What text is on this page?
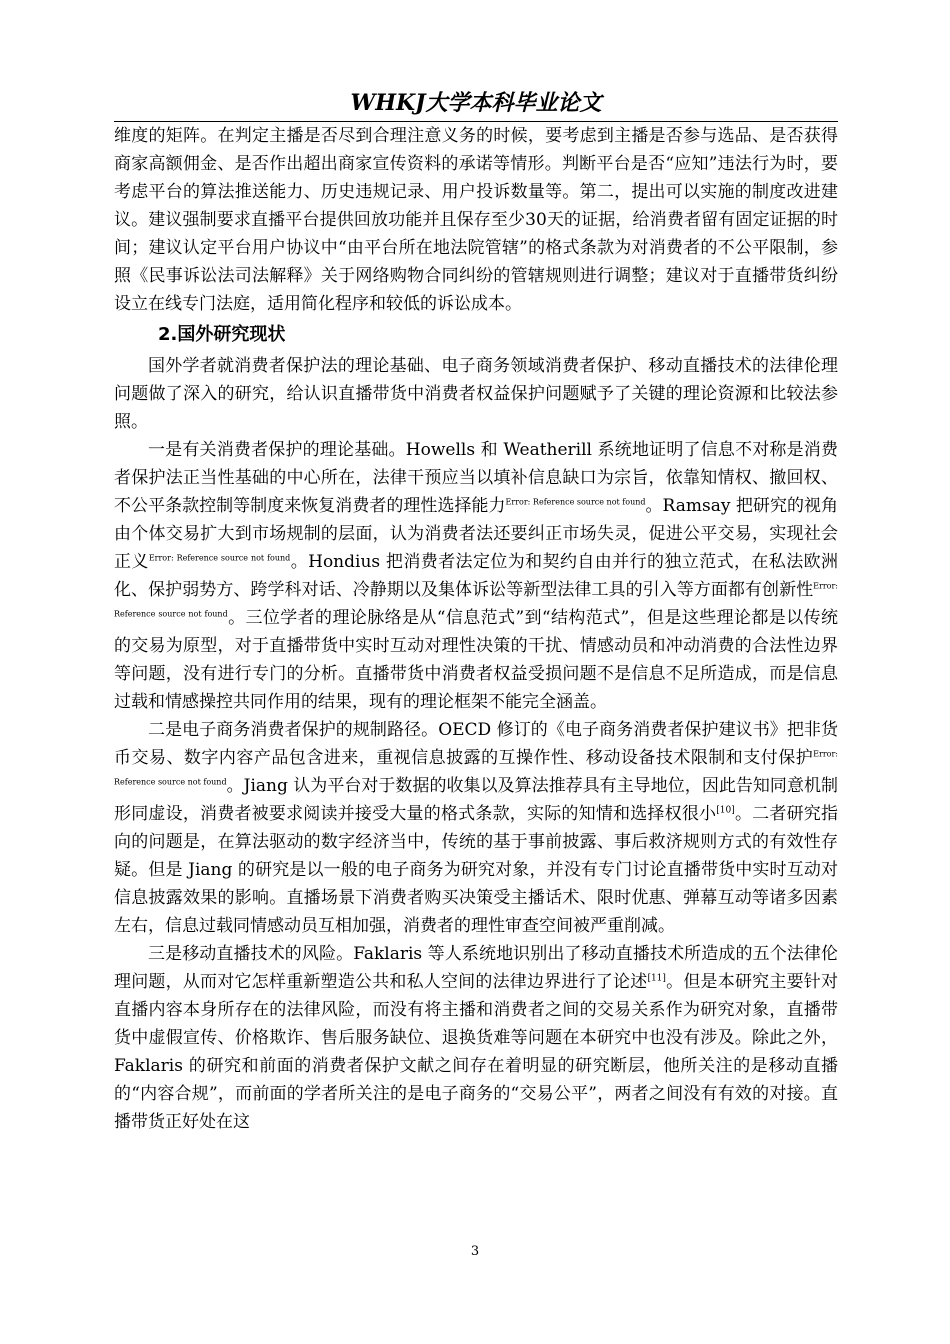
WHKJ大学本科毕业论文

维度的矩阵。在判定主播是否尽到合理注意义务的时候，要考虑到主播是否参与选品、是否获得商家高额佣金、是否作出超出商家宣传资料的承诺等情形。判断平台是否“应知”违法行为时，要考虑平台的算法推送能力、历史违规记录、用户投诉数量等。第二，提出可以实施的制度改进建议。建议强制要求直播平台提供回放功能并且保存至少30天的证据，给消费者留有固定证据的时间；建议认定平台用户协议中“由平台所在地法院管辖”的格式条款为对消费者的不公平限制，参照《民事诉讼法司法解释》关于网络购物合同纠纷的管辖规则进行调整；建议对于直播带货纠纷设立在线专门法庭，适用简化程序和较低的诉讼成本。

2.国外研究现状

国外学者就消费者保护法的理论基础、电子商务领域消费者保护、移动直播技术的法律伦理问题做了深入的研究，给认识直播带货中消费者权益保护问题赋予了关键的理论资源和比较法参照。

一是有关消费者保护的理论基础。Howells 和 Weatherill 系统地证明了信息不对称是消费者保护法正当性基础的中心所在，法律干预应当以填补信息缺口为宗旨，依靠知情权、撤回权、不公平条款控制等制度来恢复消费者的理性选择能力$^{Error: Reference source not found}$。Ramsay 把研究的视角由个体交易扩大到市场规制的层面，认为消费者法还要纠正市场失灵，促进公平交易，实现社会正义$^{Error: Reference source not found}$。Hondius 把消费者法定位为和契约自由并行的独立范式，在私法欧洲化、保护弱势方、跨学科对话、冷静期以及集体诉讼等新型法律工具的引入等方面都有创新性$^{Error: Reference source not found}$。三位学者的理论脉络是从“信息范式”到“结构范式”，但是这些理论都是以传统的交易为原型，对于直播带货中实时互动对理性决策的干扰、情感动员和冲动消费的合法性边界等问题，没有进行专门的分析。直播带货中消费者权益受损问题不是信息不足所造成，而是信息过载和情感操控共同作用的结果，现有的理论框架不能完全涵盖。

二是电子商务消费者保护的规制路径。OECD 修订的《电子商务消费者保护建议书》把非货币交易、数字内容产品包含进来，重视信息披露的互操作性、移动设备技术限制和支付保护$^{Error: Reference source not found}$。Jiang 认为平台对于数据的收集以及算法推荐具有主导地位，因此告知同意机制形同虚设，消费者被要求阅读并接受大量的格式条款，实际的知情和选择权很小[10]。二者研究指向的问题是，在算法驱动的数字经济当中，传统的基于事前披露、事后救济规则方式的有效性存疑。但是 Jiang 的研究是以一般的电子商务为研究对象，并没有专门讨论直播带货中实时互动对信息披露效果的影响。直播场景下消费者购买决策受主播话术、限时优惠、弹幕互动等诸多因素左右，信息过载同情感动员互相加强，消费者的理性审查空间被严重削减。

三是移动直播技术的风险。Faklaris 等人系统地识别出了移动直播技术所造成的五个法律伦理问题，从而对它怎样重新塑造公共和私人空间的法律边界进行了论述[11]。但是本研究主要针对直播内容本身所存在的法律风险，而没有将主播和消费者之间的交易关系作为研究对象，直播带货中虚假宣传、价格欺诈、售后服务缺位、退换货难等问题在本研究中也没有涉及。除此之外，Faklaris 的研究和前面的消费者保护文献之间存在着明显的研究断层，他所关注的是移动直播的“内容合规”，而前面的学者所关注的是电子商务的“交易公平”，两者之间没有有效的对接。直播带货正好处在这

3
